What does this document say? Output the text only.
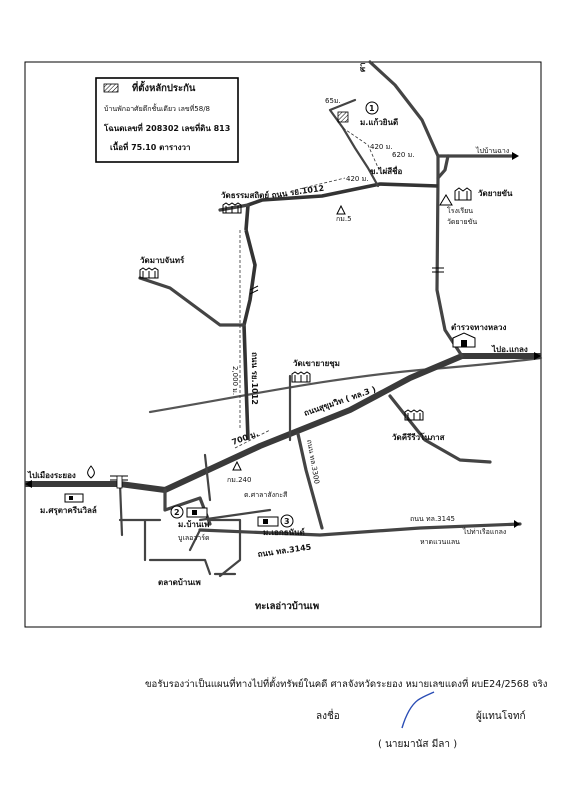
ที่ตั้งหลักประกัน
บ้านพักอาศัยตึกชั้นเดียว เลขที่58/8
โฉนดเลขที่ 208302 เลขที่ดิน 813
เนื้อที่ 75.10 ตารางวา
1
2
3
ศา
65ม.
ม.แก้วยินดี
620 ม.
420 ม.
420 ม.
ข.ไผ่สีชื่อ
ไปบ้านฉาง
ถนน รย.1012
กม.5
วัดธรรมสถิตย์	วัดยายขัน
โรงเรียน
วัดยายขัน
วัดมาบจันทร์
ตำรวจทางหลวง
ไปอ.แกลง
วัดเขายายชุม
2,000 ม. ถนน รย.1012	ถนนสุขุมวิท ( ทล.3 )
วัดคีรีรีวโนภาส
700 ม.
กม.240	ถนน ทล.3300
ไปเมืองระยอง
ม.ศรุตาครีนวิลล์
ม.บ้านเพ
บูเลอวาร์ด
ต.ศาลาสังกะสี
ม.เอกธนันต์
ถนน ทล.3145
ไปท่าเรือแกลง
หาดแวนแลน
ถนน ทล.3145
ตลาดบ้านเพ
ทะเลอ่าวบ้านเพ
ขอรับรองว่าเป็นแผนที่ทางไปที่ตั้งทรัพย์ในคดี ศาลจังหวัดระยอง หมายเลขแดงที่ ผบE24/2568 จริง
ลงชื่อ	ผู้แทนโจทก์
( นายมานัส มีลา )
